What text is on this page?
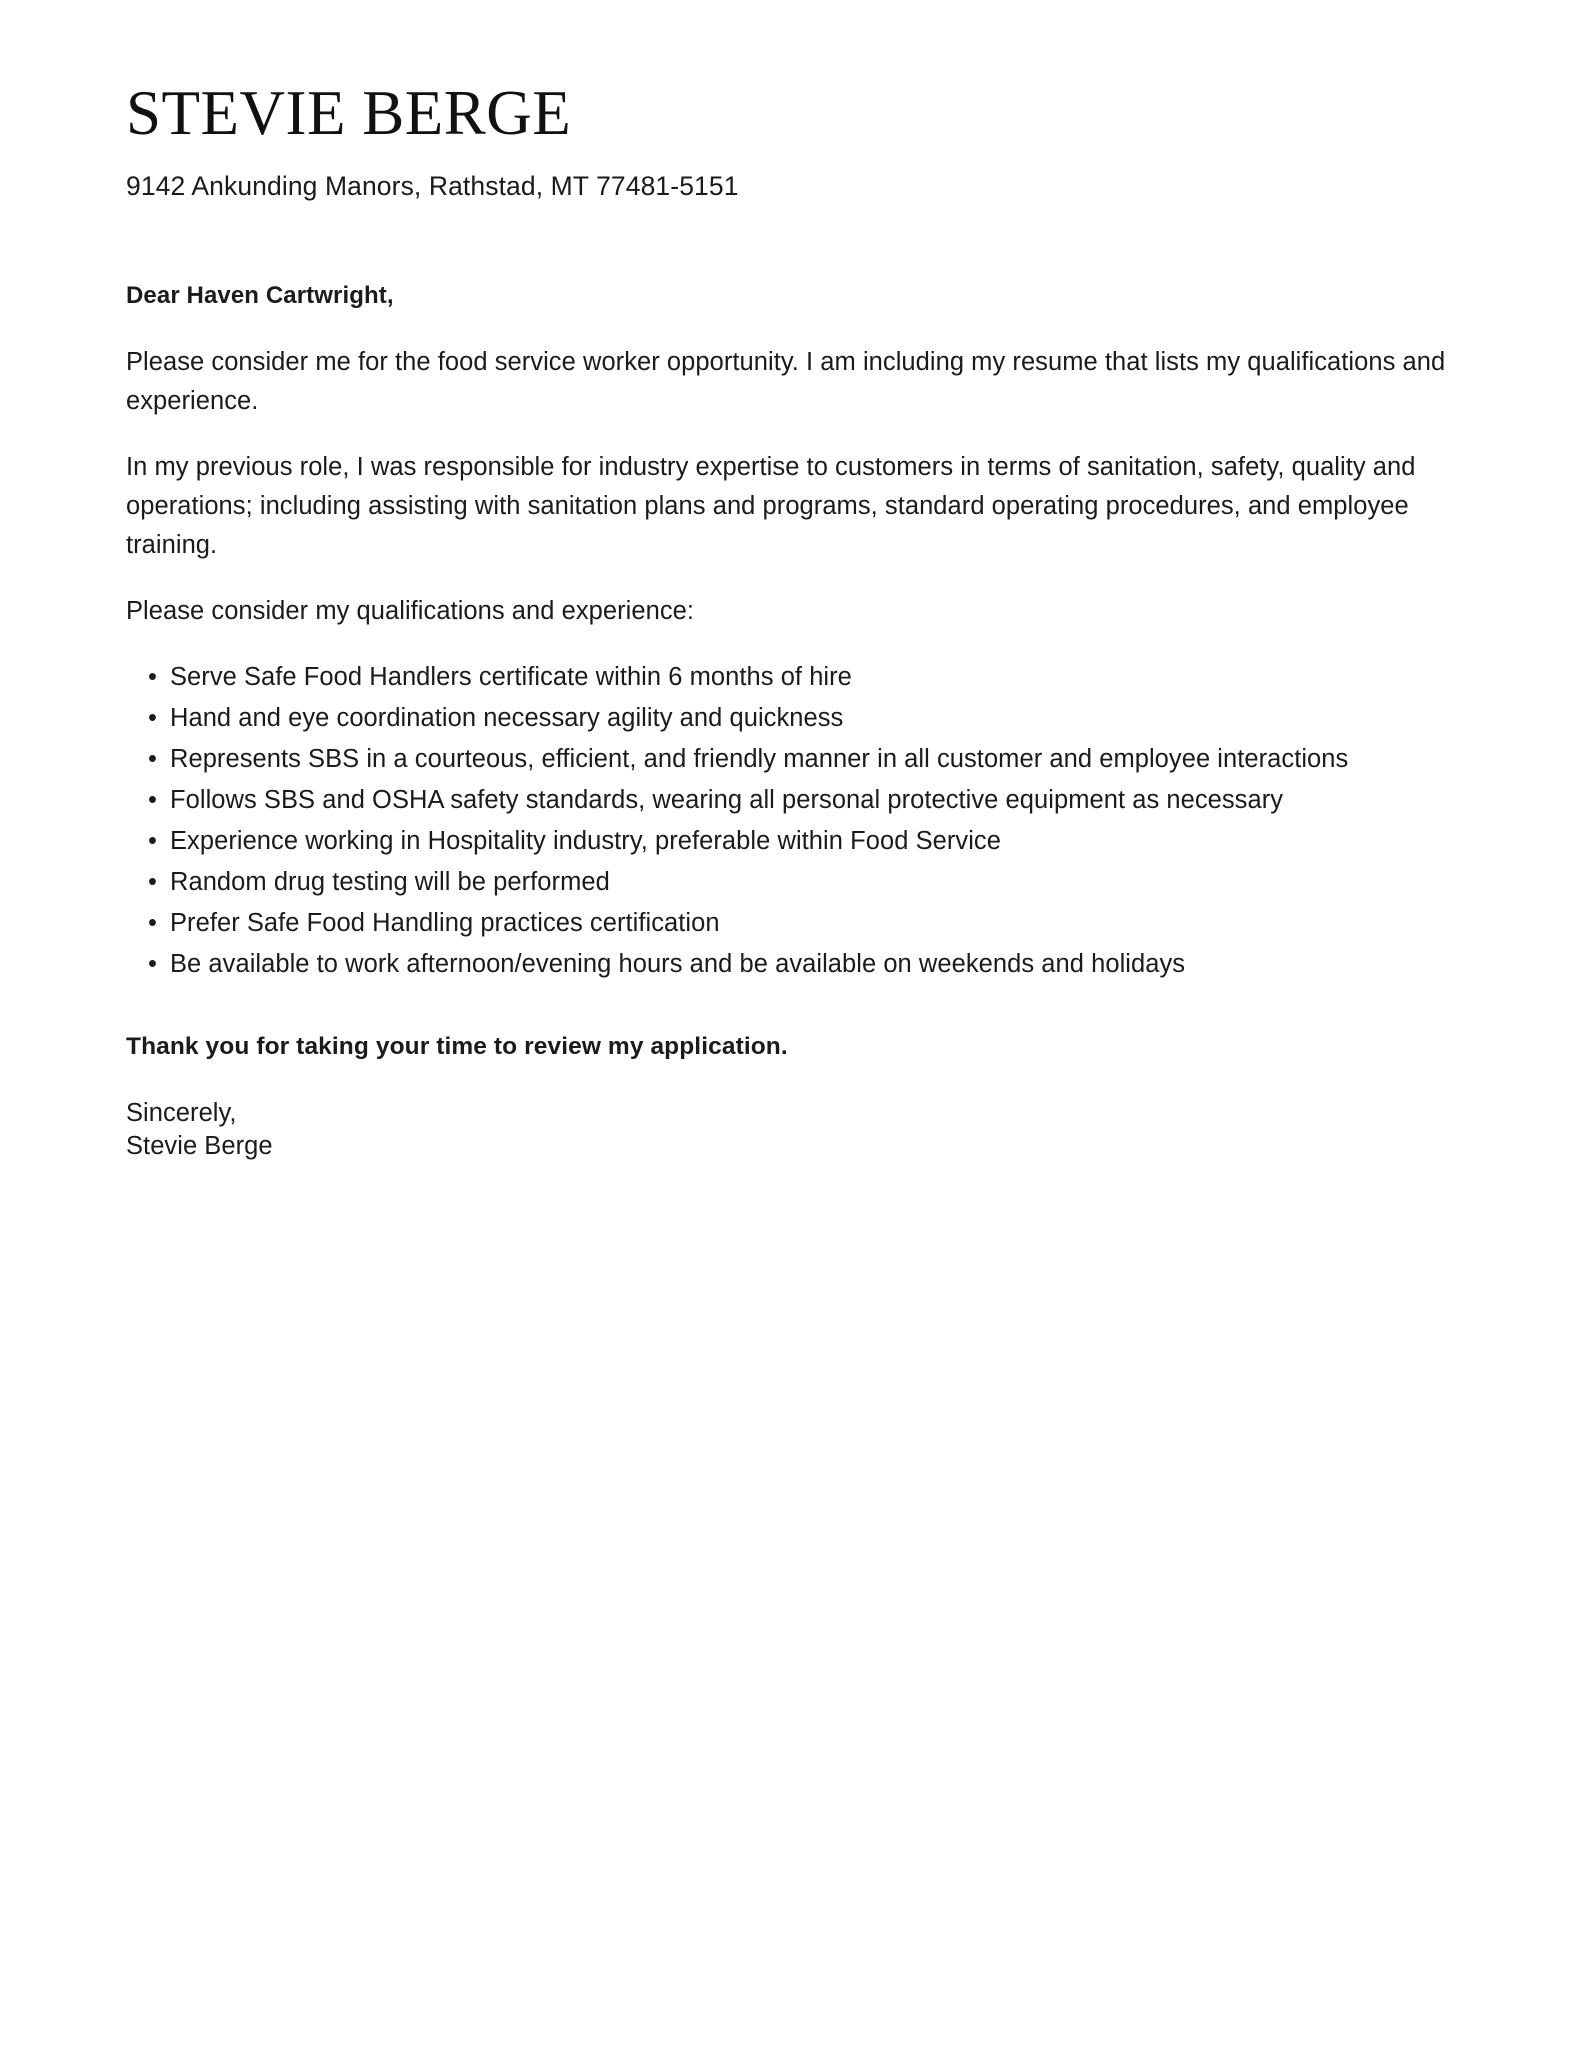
STEVIE BERGE

9142 Ankunding Manors, Rathstad, MT 77481-5151

Dear Haven Cartwright,

Please consider me for the food service worker opportunity. I am including my resume that lists my qualifications and experience.

In my previous role, I was responsible for industry expertise to customers in terms of sanitation, safety, quality and operations; including assisting with sanitation plans and programs, standard operating procedures, and employee training.

Please consider my qualifications and experience:

• Serve Safe Food Handlers certificate within 6 months of hire
• Hand and eye coordination necessary agility and quickness
• Represents SBS in a courteous, efficient, and friendly manner in all customer and employee interactions
• Follows SBS and OSHA safety standards, wearing all personal protective equipment as necessary
• Experience working in Hospitality industry, preferable within Food Service
• Random drug testing will be performed
• Prefer Safe Food Handling practices certification
• Be available to work afternoon/evening hours and be available on weekends and holidays

Thank you for taking your time to review my application.

Sincerely,
Stevie Berge
